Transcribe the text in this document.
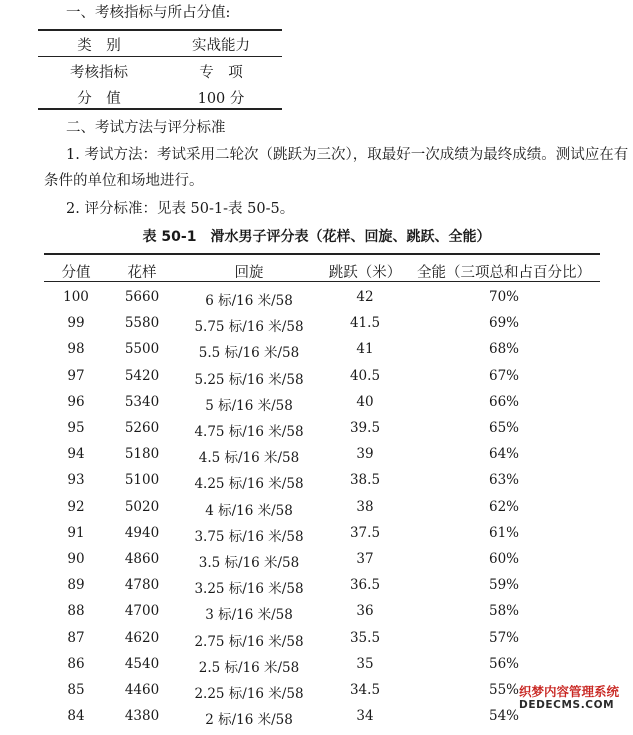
一、考核指标与所占分值:
类　别	实战能力
考核指标	专　项
分　值	100 分
二、考试方法与评分标准
1. 考试方法：考试采用二轮次（跳跃为三次），取最好一次成绩为最终成绩。测试应在有
条件的单位和场地进行。
2. 评分标准：见表 50-1-表 50-5。
表 50-1　滑水男子评分表（花样、回旋、跳跃、全能）
分值	花样	回旋	跳跃（米）	全能（三项总和占百分比）
100	5660	6 标/16 米/58	42	70%
99	5580	5.75 标/16 米/58	41.5	69%
98	5500	5.5 标/16 米/58	41	68%
97	5420	5.25 标/16 米/58	40.5	67%
96	5340	5 标/16 米/58	40	66%
95	5260	4.75 标/16 米/58	39.5	65%
94	5180	4.5 标/16 米/58	39	64%
93	5100	4.25 标/16 米/58	38.5	63%
92	5020	4 标/16 米/58	38	62%
91	4940	3.75 标/16 米/58	37.5	61%
90	4860	3.5 标/16 米/58	37	60%
89	4780	3.25 标/16 米/58	36.5	59%
88	4700	3 标/16 米/58	36	58%
87	4620	2.75 标/16 米/58	35.5	57%
86	4540	2.5 标/16 米/58	35	56%
85	4460	2.25 标/16 米/58	34.5	55%
84	4380	2 标/16 米/58	34	54%
织梦内容管理系统
DEDECMS.COM
